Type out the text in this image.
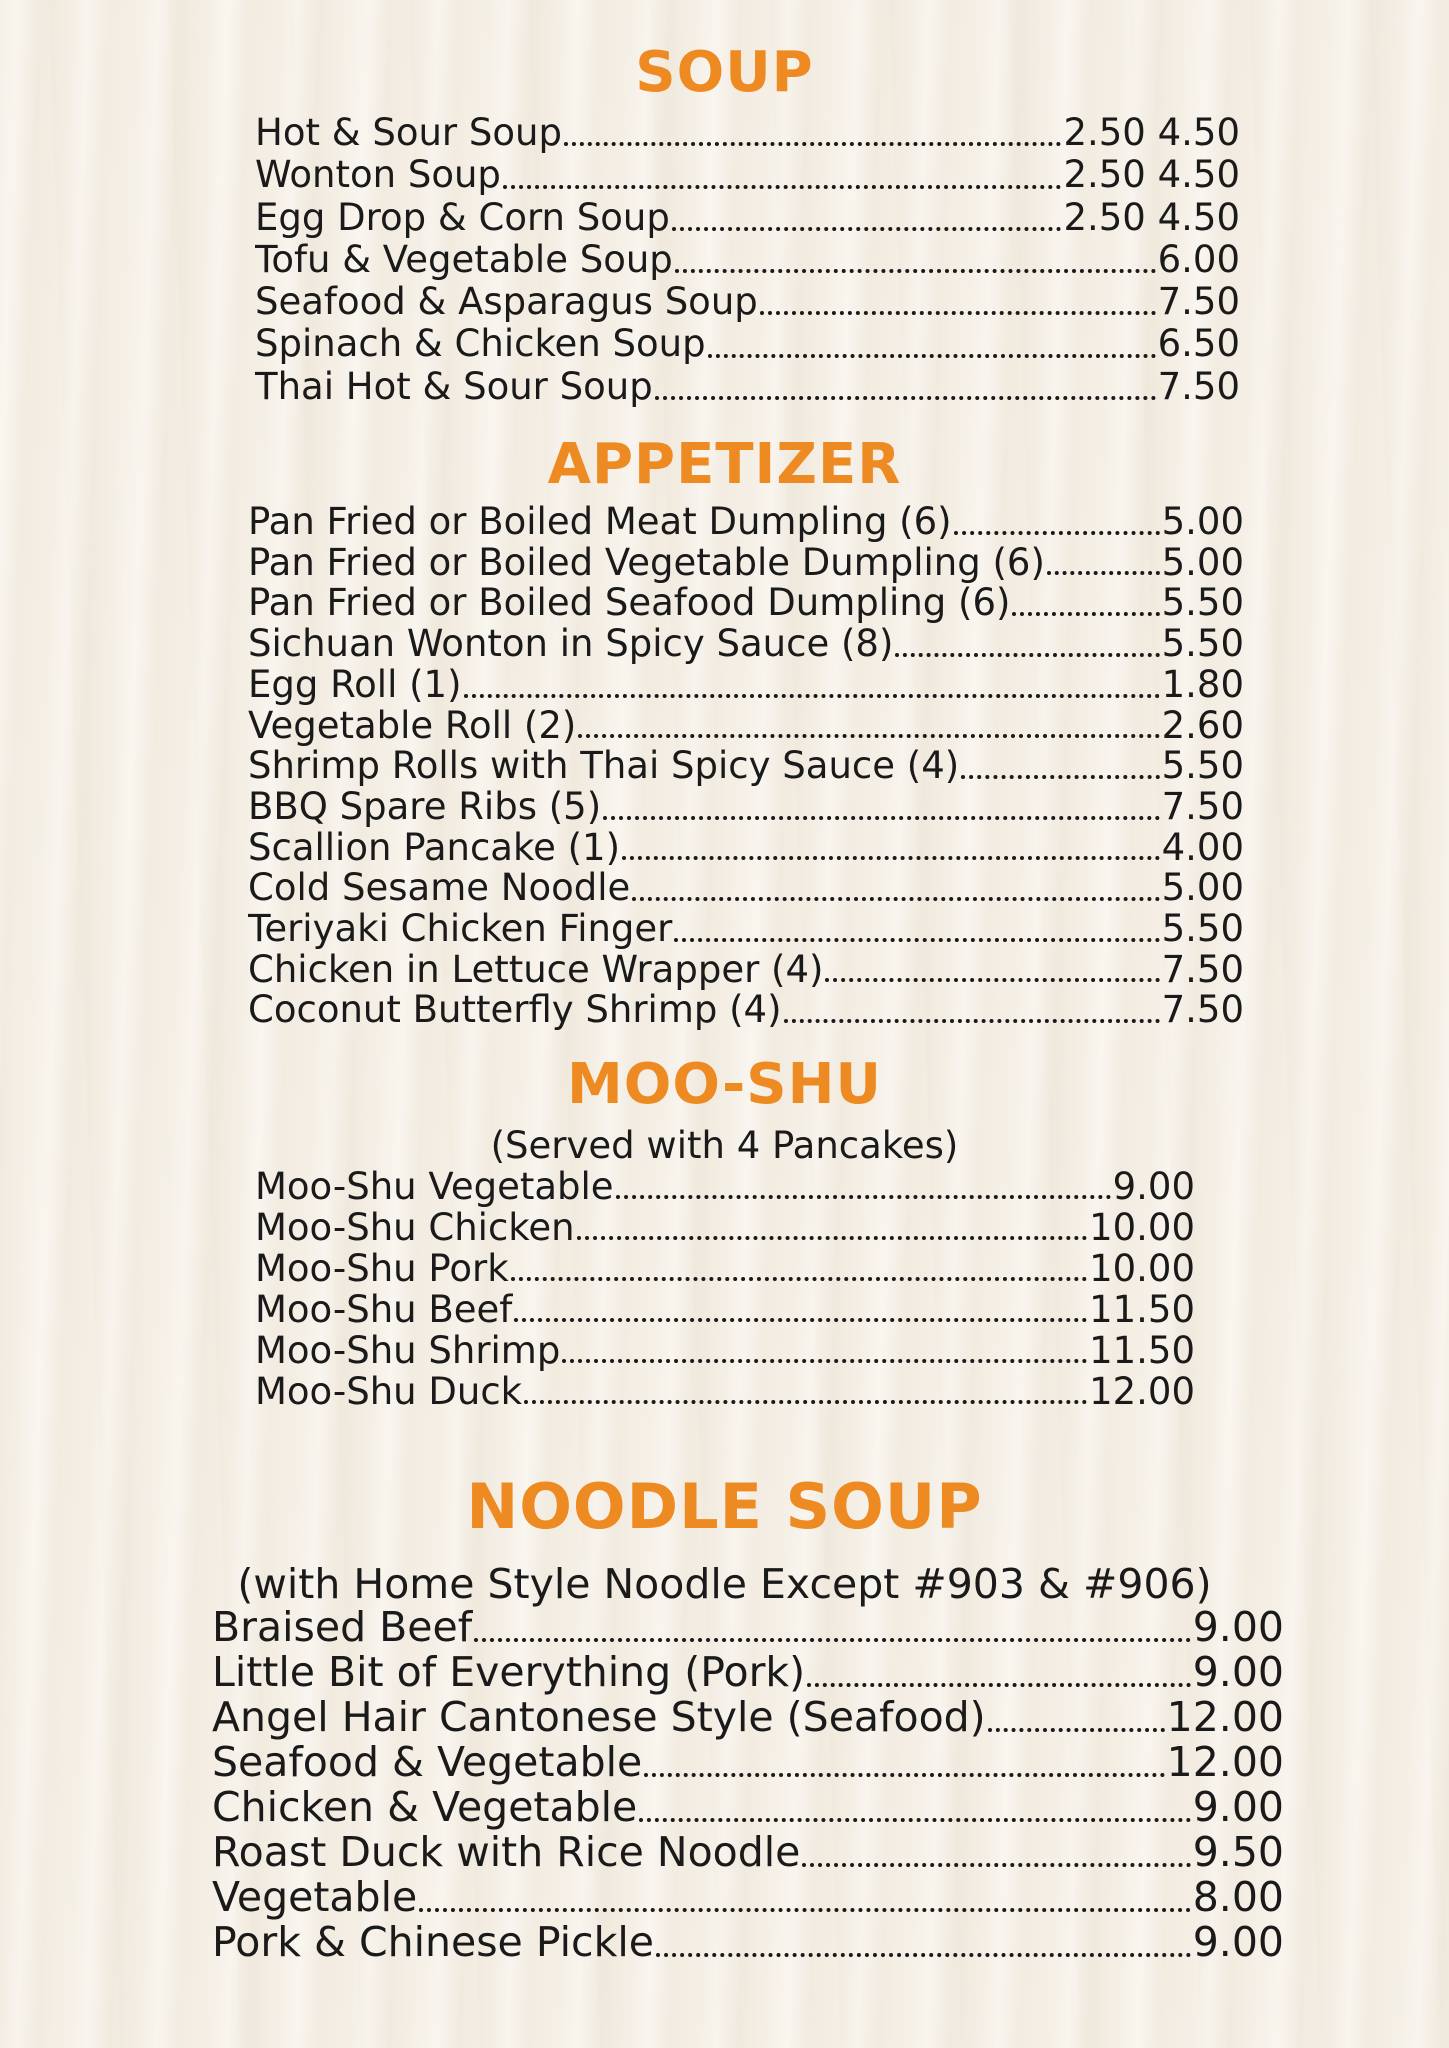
SOUP
Hot & Sour Soup	2.50 4.50
Wonton Soup	2.50 4.50
Egg Drop & Corn Soup	2.50 4.50
Tofu & Vegetable Soup	6.00
Seafood & Asparagus Soup	7.50
Spinach & Chicken Soup	6.50
Thai Hot & Sour Soup	7.50
APPETIZER
Pan Fried or Boiled Meat Dumpling (6)	5.00
Pan Fried or Boiled Vegetable Dumpling (6)	5.00
Pan Fried or Boiled Seafood Dumpling (6)	5.50
Sichuan Wonton in Spicy Sauce (8)	5.50
Egg Roll (1)	1.80
Vegetable Roll (2)	2.60
Shrimp Rolls with Thai Spicy Sauce (4)	5.50
BBQ Spare Ribs (5)	7.50
Scallion Pancake (1)	4.00
Cold Sesame Noodle	5.00
Teriyaki Chicken Finger	5.50
Chicken in Lettuce Wrapper (4)	7.50
Coconut Butterfly Shrimp (4)	7.50
MOO-SHU
(Served with 4 Pancakes)
Moo-Shu Vegetable	9.00
Moo-Shu Chicken	10.00
Moo-Shu Pork	10.00
Moo-Shu Beef	11.50
Moo-Shu Shrimp	11.50
Moo-Shu Duck	12.00
NOODLE SOUP
(with Home Style Noodle Except #903 & #906)
Braised Beef	9.00
Little Bit of Everything (Pork)	9.00
Angel Hair Cantonese Style (Seafood)	12.00
Seafood & Vegetable	12.00
Chicken & Vegetable	9.00
Roast Duck with Rice Noodle	9.50
Vegetable	8.00
Pork & Chinese Pickle	9.00
